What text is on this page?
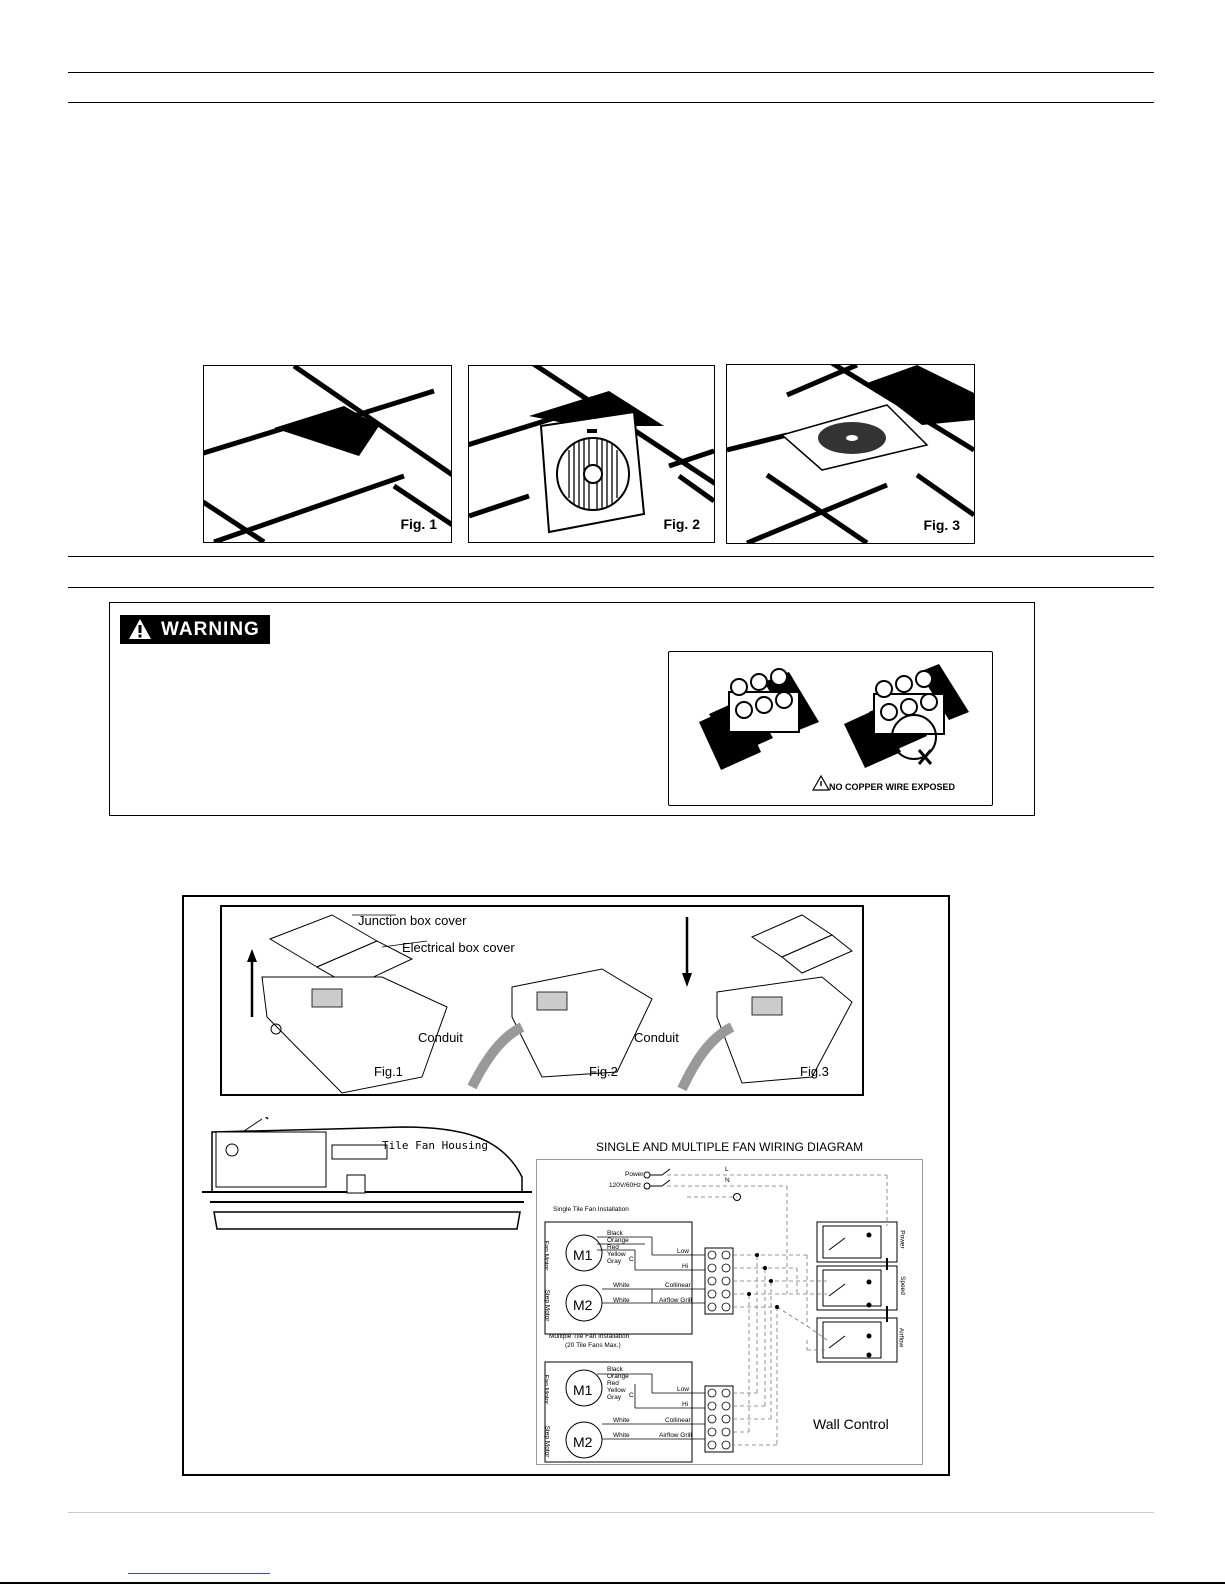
Fig. 1	Fig. 2	Fig. 3
WARNING
NO COPPER WIRE EXPOSED
Junction box cover
Electrical box cover
Conduit	Conduit
Fig.1	Fig.2	Fig.3
Tile Fan Housing	SINGLE AND MULTIPLE FAN WIRING DIAGRAM
Power
120V/60Hz
L
N
Single Tile Fan Installation
Multiple Tile Fan Installation
(20 Tile Fans Max.)
M1
M2
M1
M2
Fan Motor
Step Motor
Fan Motor
Step Motor
Black
Orange
Red
Yellow
Gray C
Black
Orange
Red
Yellow
Gray C
White
White
White
White
Low
Hi
Collinear
Airflow Grill
Low
Hi
Collinear
Airflow Grill
Power
Speed
Airflow
Wall Control
